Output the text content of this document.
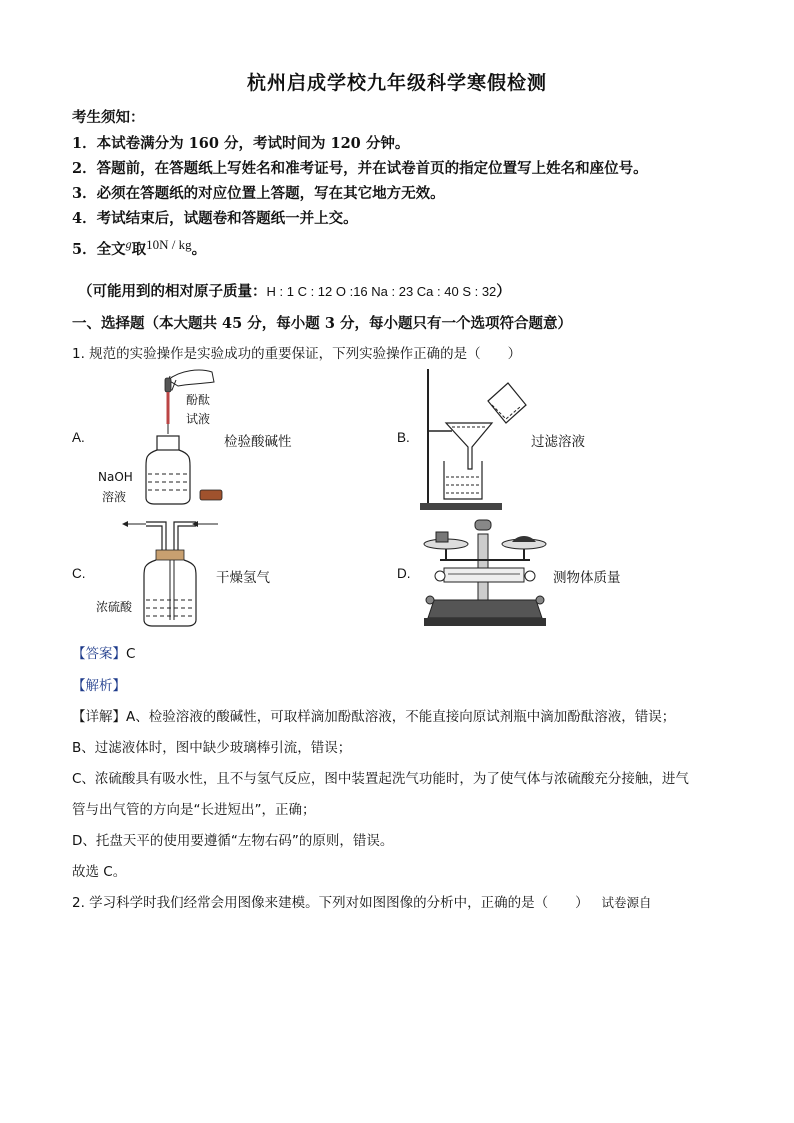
杭州启成学校九年级科学寒假检测
考生须知：
1．本试卷满分为 160 分，考试时间为 120 分钟。
2．答题前，在答题纸上写姓名和准考证号，并在试卷首页的指定位置写上姓名和座位号。
3．必须在答题纸的对应位置上答题，写在其它地方无效。
4．考试结束后，试题卷和答题纸一并上交。
5．全文$^g$取10N / kg。
（可能用到的相对原子质量：H : 1 C : 12 O :16 Na : 23 Ca : 40 S : 32）
一、选择题（本大题共 45 分，每小题 3 分，每小题只有一个选项符合题意）
1. 规范的实验操作是实验成功的重要保证，下列实验操作正确的是（　　）
A.	检验酸碱性
酚酞
试液
NaOH
溶液
B.	过滤溶液
C.	干燥氢气
浓硫酸
D.	测物体质量
【答案】C
【解析】
【详解】A、检验溶液的酸碱性，可取样滴加酚酞溶液，不能直接向原试剂瓶中滴加酚酞溶液，错误；
B、过滤液体时，图中缺少玻璃棒引流，错误；
C、浓硫酸具有吸水性，且不与氢气反应，图中装置起洗气功能时，为了使气体与浓硫酸充分接触，进气
管与出气管的方向是“长进短出”，正确；
D、托盘天平的使用要遵循“左物右码”的原则，错误。
故选 C。
2. 学习科学时我们经常会用图像来建模。下列对如图图像的分析中，正确的是（　　） 试卷源自
